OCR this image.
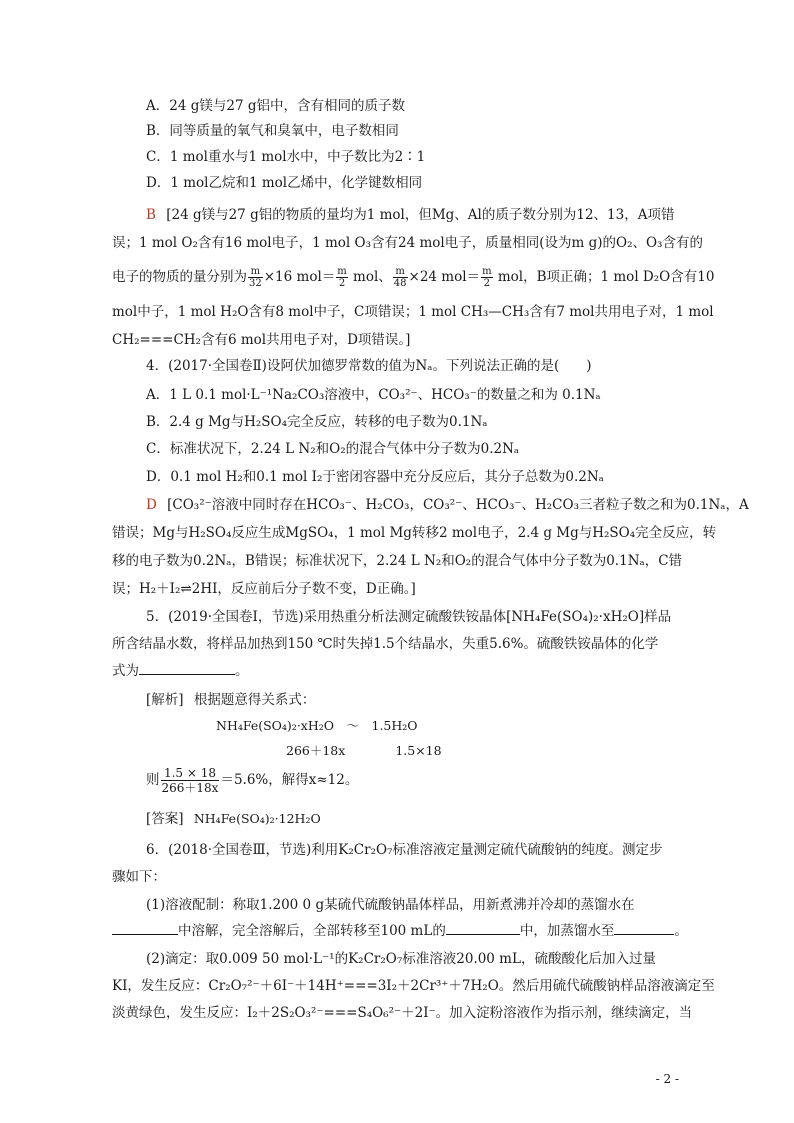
A．24 g镁与27 g铝中，含有相同的质子数
B．同等质量的氧气和臭氧中，电子数相同
C．1 mol重水与1 mol水中，中子数比为2∶1
D．1 mol乙烷和1 mol乙烯中，化学键数相同
B [24 g镁与27 g铝的物质的量均为1 mol，但Mg、Al的质子数分别为12、13，A项错
误；1 mol O₂含有16 mol电子，1 mol O₃含有24 mol电子，质量相同(设为m g)的O₂、O₃含有的
电子的物质的量分别为 $\frac{m}{32} \times 16$ $mol= \frac{m}{2}$ mol、 $\frac{m}{48} \times 24$ $mol= \frac{m}{2}$ mol，B项正确；1 mol D₂O含有10
mol中子，1 mol H₂O含有8 mol中子，C项错误；1 mol CH₃—CH₃含有7 mol共用电子对，1 mol
CH₂===CH₂含有6 mol共用电子对，D项错误。]
4．(2017·全国卷Ⅱ)设阿伏加德罗常数的值为Nₐ。下列说法正确的是(　　)
A．1 L 0.1 mol·L⁻¹Na₂CO₃溶液中，CO₃²⁻、HCO₃⁻的数量之和为 0.1Nₐ
B．2.4 g Mg与H₂SO₄完全反应，转移的电子数为0.1Nₐ
C．标准状况下，2.24 L N₂和O₂的混合气体中分子数为0.2Nₐ
D．0.1 mol H₂和0.1 mol I₂于密闭容器中充分反应后，其分子总数为0.2Nₐ
D [CO₃²⁻溶液中同时存在HCO₃⁻、H₂CO₃，CO₃²⁻、HCO₃⁻、H₂CO₃三者粒子数之和为0.1Nₐ，A
错误；Mg与H₂SO₄反应生成MgSO₄，1 mol Mg转移2 mol电子，2.4 g Mg与H₂SO₄完全反应，转
移的电子数为0.2Nₐ，B错误；标准状况下，2.24 L N₂和O₂的混合气体中分子数为0.1Nₐ，C错
误；H₂＋I₂⇌2HI，反应前后分子数不变，D正确。]
5．(2019·全国卷Ⅰ，节选)采用热重分析法测定硫酸铁铵晶体[NH₄Fe(SO₄)₂·xH₂O]样品
所含结晶水数，将样品加热到150 ℃时失掉1.5个结晶水，失重5.6%。硫酸铁铵晶体的化学
式为	。
[解析] 根据题意得关系式：
NH₄Fe(SO₄)₂·xH₂O　～　1.5H₂O
266＋18x　　　　1.5×18
则 $\frac{1.5 \times 18}{266+18x} =5.6\%$，解得x≈12。
[答案] NH₄Fe(SO₄)₂·12H₂O
6．(2018·全国卷Ⅲ，节选)利用K₂Cr₂O₇标准溶液定量测定硫代硫酸钠的纯度。测定步
骤如下：
(1)溶液配制：称取1.200 0 g某硫代硫酸钠晶体样品，用新煮沸并冷却的蒸馏水在
中溶解，完全溶解后，全部转移至100 mL的	中，加蒸馏水至	。
(2)滴定：取0.009 50 mol·L⁻¹的K₂Cr₂O₇标准溶液20.00 mL，硫酸酸化后加入过量
KI，发生反应：Cr₂O₇²⁻＋6I⁻＋14H⁺===3I₂＋2Cr³⁺＋7H₂O。然后用硫代硫酸钠样品溶液滴定至
淡黄绿色，发生反应：I₂＋2S₂O₃²⁻===S₄O₆²⁻＋2I⁻。加入淀粉溶液作为指示剂，继续滴定，当
- 2 -
